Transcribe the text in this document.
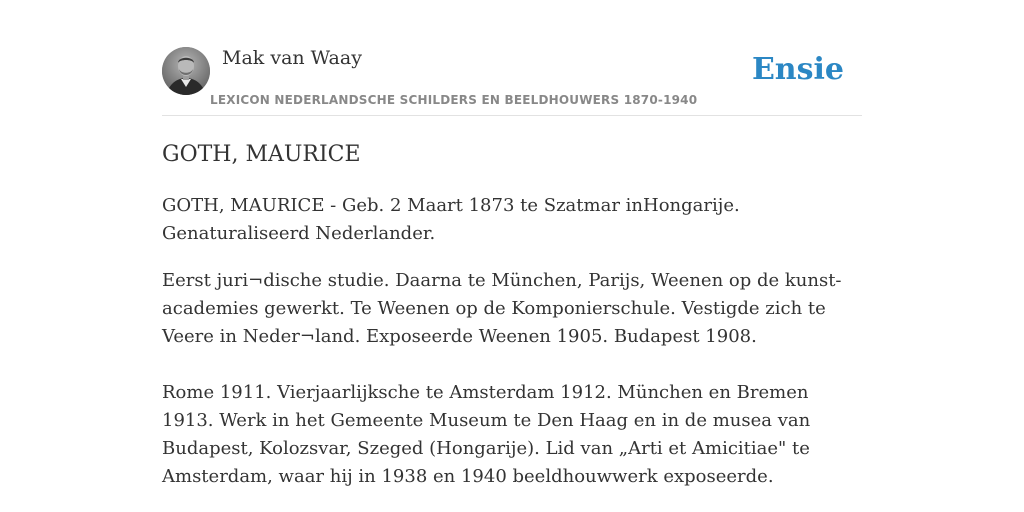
Mak van Waay
LEXICON NEDERLANDSCHE SCHILDERS EN BEELDHOUWERS 1870-1940
Ensie
GOTH, MAURICE

GOTH, MAURICE - Geb. 2 Maart 1873 te Szatmar inHongarije. Genaturaliseerd Nederlander.

Eerst juri¬dische studie. Daarna te München, Parijs, Weenen op de kunst-academies gewerkt. Te Weenen op de Komponierschule. Vestigde zich te Veere in Neder¬land. Exposeerde Weenen 1905. Budapest 1908.

Rome 1911. Vierjaarlijksche te Amsterdam 1912. München en Bremen 1913. Werk in het Gemeente Museum te Den Haag en in de musea van Budapest, Kolozsvar, Szeged (Hongarije). Lid van „Arti et Amicitiae" te Amsterdam, waar hij in 1938 en 1940 beeldhouwwerk exposeerde.
